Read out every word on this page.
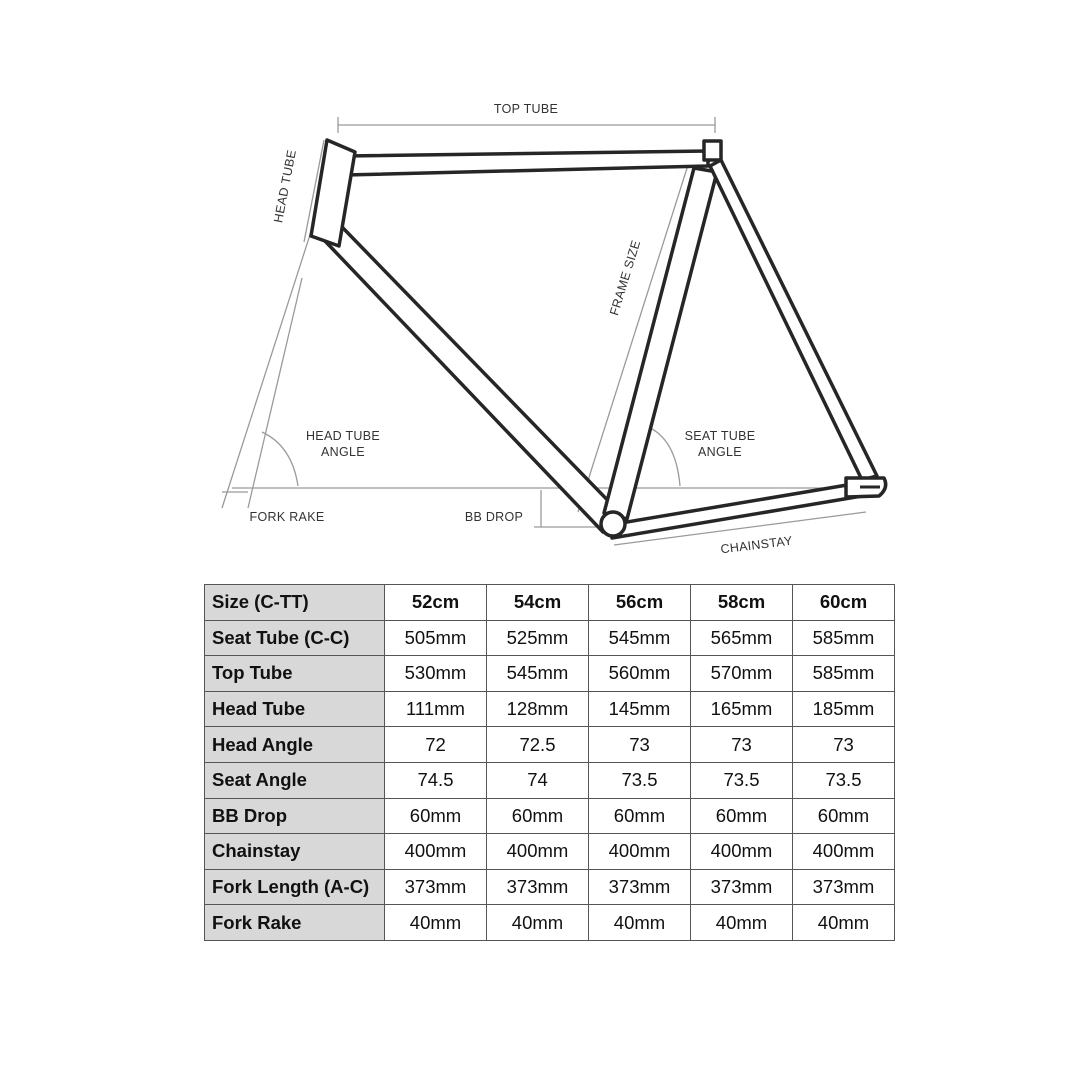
TOP TUBE
HEAD TUBE
FRAME SIZE
HEAD TUBE
ANGLE
SEAT TUBE
ANGLE
FORK RAKE	BB DROP
CHAINSTAY
Size (C-TT)	52cm	54cm	56cm	58cm	60cm
Seat Tube (C-C)	505mm	525mm	545mm	565mm	585mm
Top Tube	530mm	545mm	560mm	570mm	585mm
Head Tube	111mm	128mm	145mm	165mm	185mm
Head Angle	72	72.5	73	73	73
Seat Angle	74.5	74	73.5	73.5	73.5
BB Drop	60mm	60mm	60mm	60mm	60mm
Chainstay	400mm	400mm	400mm	400mm	400mm
Fork Length (A-C)	373mm	373mm	373mm	373mm	373mm
Fork Rake	40mm	40mm	40mm	40mm	40mm
